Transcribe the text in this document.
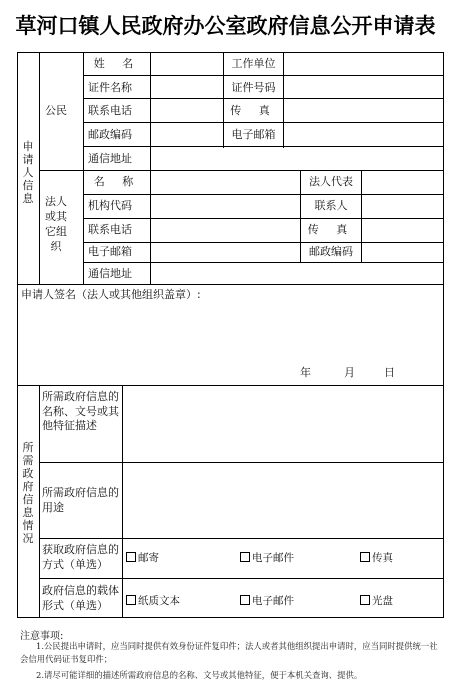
草河口镇人民政府办公室政府信息公开申请表
申请人信息
公民
姓 名	工作单位
证件名称	证件号码
联系电话	传 真
邮政编码	电子邮箱
通信地址
法人或其它组织
名 称	法人代表
机构代码	联系人
联系电话	传 真
电子邮箱	邮政编码
通信地址
申请人签名（法人或其他组织盖章）:
年	月	日
所需政府信息情况
所需政府信息的名称、文号或其他特征描述
所需政府信息的用途
获取政府信息的方式（单选）	邮寄	电子邮件	传真
政府信息的载体形式（单选）	纸质文本	电子邮件	光盘
注意事项:
1.公民提出申请时，应当同时提供有效身份证件复印件；法人或者其他组织提出申请时，应当同时提供统一社会信用代码证书复印件；
2.请尽可能详细的描述所需政府信息的名称、文号或其他特征，便于本机关查询、提供。
